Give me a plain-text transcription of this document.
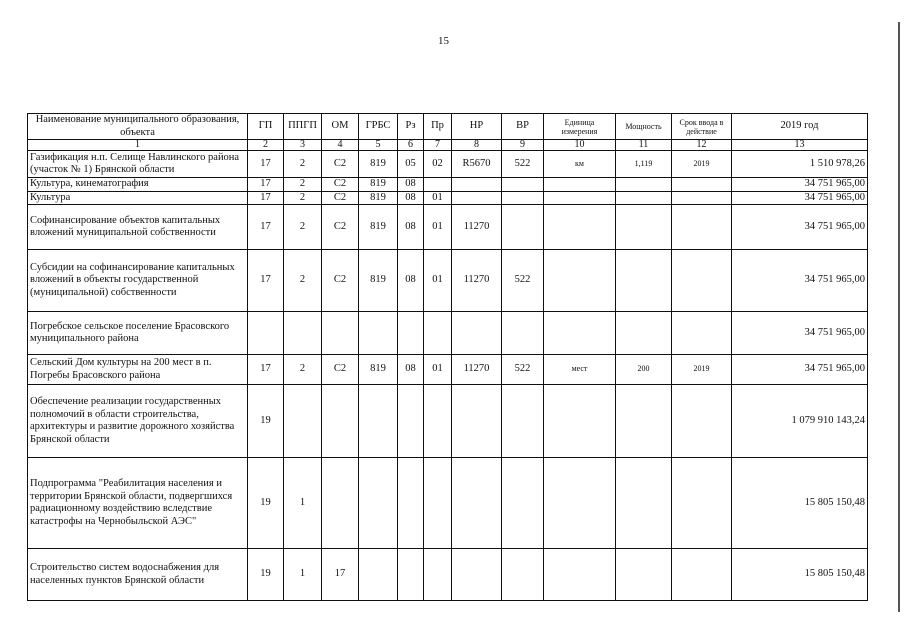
15
Наименование муниципального образования, объекта	ГП	ППГП	ОМ	ГРБС	Рз	Пр	НР	ВР	Единица измерения	Мощность	Срок ввода в действие	2019 год
1	2	3	4	5	6	7	8	9	10	11	12	13
Газификация н.п. Селище Навлинского района (участок № 1) Брянской области	17	2	С2	819	05	02	R5670	522	км	1,119	2019	1 510 978,26
Культура, кинематография	17	2	С2	819	08							34 751 965,00
Культура	17	2	С2	819	08	01						34 751 965,00
Софинансирование объектов капитальных вложений муниципальной собственности	17	2	С2	819	08	01	11270					34 751 965,00
Субсидии на софинансирование капитальных вложений в объекты государственной (муниципальной) собственности	17	2	С2	819	08	01	11270	522				34 751 965,00
Погребское сельское поселение Брасовского муниципального района												34 751 965,00
Сельский Дом культуры на 200 мест в п. Погребы Брасовского района	17	2	С2	819	08	01	11270	522	мест	200	2019	34 751 965,00
Обеспечение реализации государственных полномочий в области строительства, архитектуры и развитие дорожного хозяйства Брянской области	19											1 079 910 143,24
Подпрограмма "Реабилитация населения и территории Брянской области, подвергшихся радиационному воздействию вследствие катастрофы на Чернобыльской АЭС"	19	1										15 805 150,48
Строительство систем водоснабжения для населенных пунктов Брянской области	19	1	17									15 805 150,48
